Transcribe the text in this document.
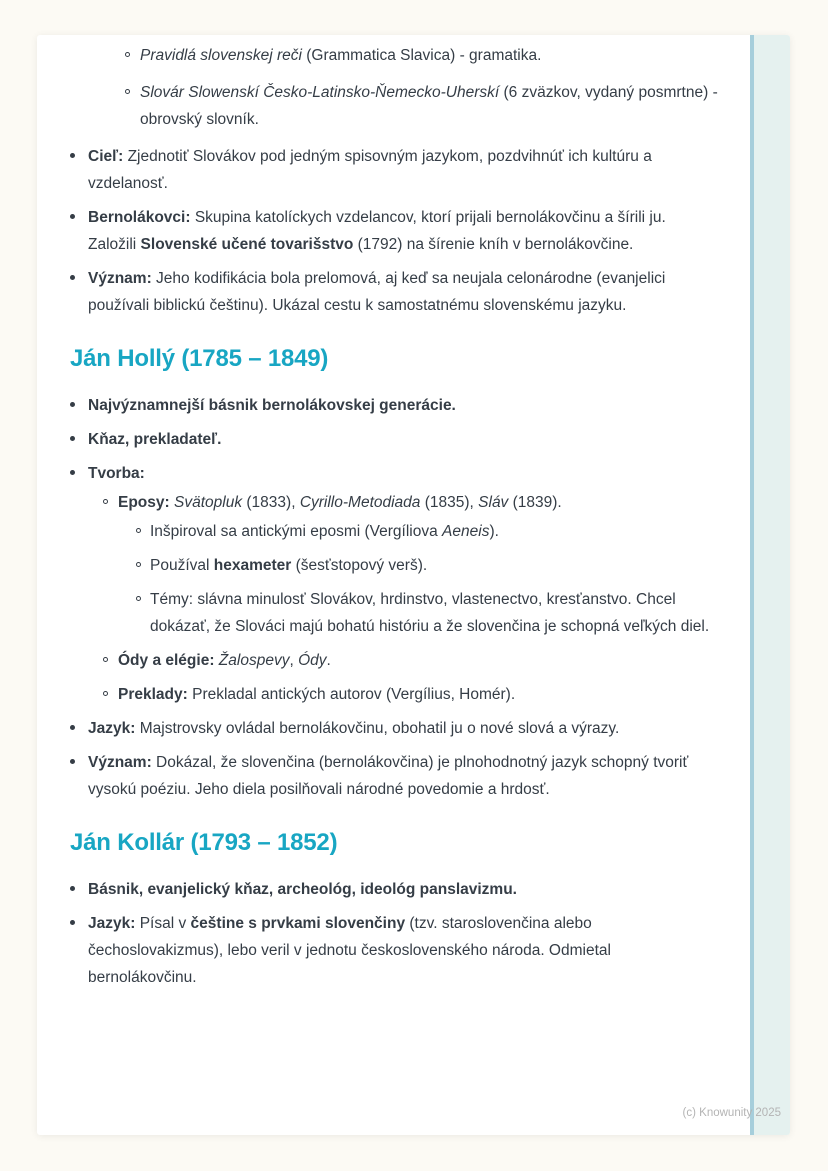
Pravidlá slovenskej reči (Grammatica Slavica) - gramatika.
Slovár Slowenskí Česko-Latinsko-Ňemecko-Uherskí (6 zväzkov, vydaný posmrtne) - obrovský slovník.
Cieľ: Zjednotiť Slovákov pod jedným spisovným jazykom, pozdvihnúť ich kultúru a vzdelanosť.
Bernolákovci: Skupina katolíckych vzdelancov, ktorí prijali bernolákovčinu a šírili ju. Založili Slovenské učené tovarišstvo (1792) na šírenie kníh v bernolákovčine.
Význam: Jeho kodifikácia bola prelomová, aj keď sa neujala celonárodne (evanjelici používali biblickú češtinu). Ukázal cestu k samostatnému slovenskému jazyku.
Ján Hollý (1785 – 1849)
Najvýznamnejší básnik bernolákovskej generácie.
Kňaz, prekladateľ.
Tvorba:
Eposy: Svätopluk (1833), Cyrillo-Metodiada (1835), Sláv (1839).
Inšpiroval sa antickými eposmi (Vergíliova Aeneis).
Používal hexameter (šesťstopový verš).
Témy: slávna minulosť Slovákov, hrdinstvo, vlastenectvo, kresťanstvo. Chcel dokázať, že Slováci majú bohatú históriu a že slovenčina je schopná veľkých diel.
Ódy a elégie: Žalospevy, Ódy.
Preklady: Prekladal antických autorov (Vergílius, Homér).
Jazyk: Majstrovsky ovládal bernolákovčinu, obohatil ju o nové slová a výrazy.
Význam: Dokázal, že slovenčina (bernolákovčina) je plnohodnotný jazyk schopný tvoriť vysokú poéziu. Jeho diela posilňovali národné povedomie a hrdosť.
Ján Kollár (1793 – 1852)
Básnik, evanjelický kňaz, archeológ, ideológ panslavizmu.
Jazyk: Písal v češtine s prvkami slovenčiny (tzv. staroslovenčina alebo čechoslovakizmus), lebo veril v jednotu československého národa. Odmietal bernolákovčinu.
(c) Knowunity 2025
